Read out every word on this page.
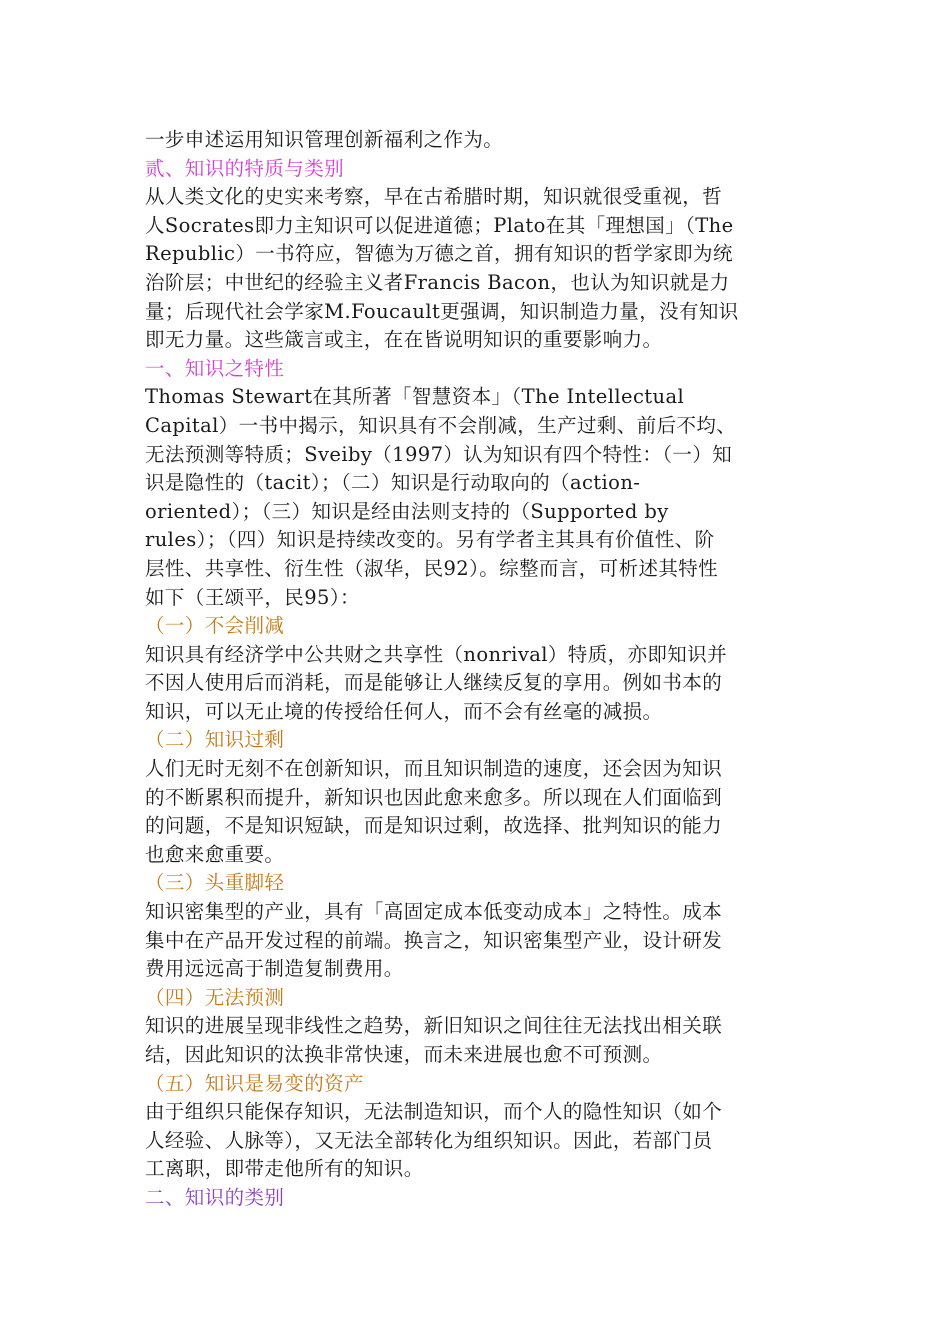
一步申述运用知识管理创新福利之作为。
贰、知识的特质与类别
从人类文化的史实来考察，早在古希腊时期，知识就很受重视，哲
人Socrates即力主知识可以促进道德；Plato在其「理想国」（The
Republic）一书符应，智德为万德之首，拥有知识的哲学家即为统
治阶层；中世纪的经验主义者Francis Bacon，也认为知识就是力
量；后现代社会学家M.Foucault更强调，知识制造力量，没有知识
即无力量。这些箴言或主，在在皆说明知识的重要影响力。
一、知识之特性
Thomas Stewart在其所著「智慧资本」（The Intellectual
Capital）一书中揭示，知识具有不会削减，生产过剩、前后不均、
无法预测等特质；Sveiby（1997）认为知识有四个特性：（一）知
识是隐性的（tacit）；（二）知识是行动取向的（action-
oriented）；（三）知识是经由法则支持的（Supported by
rules）；（四）知识是持续改变的。另有学者主其具有价值性、阶
层性、共享性、衍生性（淑华，民92）。综整而言，可析述其特性
如下（王颂平，民95）：
（一）不会削减
知识具有经济学中公共财之共享性（nonrival）特质，亦即知识并
不因人使用后而消耗，而是能够让人继续反复的享用。例如书本的
知识，可以无止境的传授给任何人，而不会有丝毫的减损。
（二）知识过剩
人们无时无刻不在创新知识，而且知识制造的速度，还会因为知识
的不断累积而提升，新知识也因此愈来愈多。所以现在人们面临到
的问题，不是知识短缺，而是知识过剩，故选择、批判知识的能力
也愈来愈重要。
（三）头重脚轻
知识密集型的产业，具有「高固定成本低变动成本」之特性。成本
集中在产品开发过程的前端。换言之，知识密集型产业，设计研发
费用远远高于制造复制费用。
（四）无法预测
知识的进展呈现非线性之趋势，新旧知识之间往往无法找出相关联
结，因此知识的汰换非常快速，而未来进展也愈不可预测。
（五）知识是易变的资产
由于组织只能保存知识，无法制造知识，而个人的隐性知识（如个
人经验、人脉等），又无法全部转化为组织知识。因此，若部门员
工离职，即带走他所有的知识。
二、知识的类别
